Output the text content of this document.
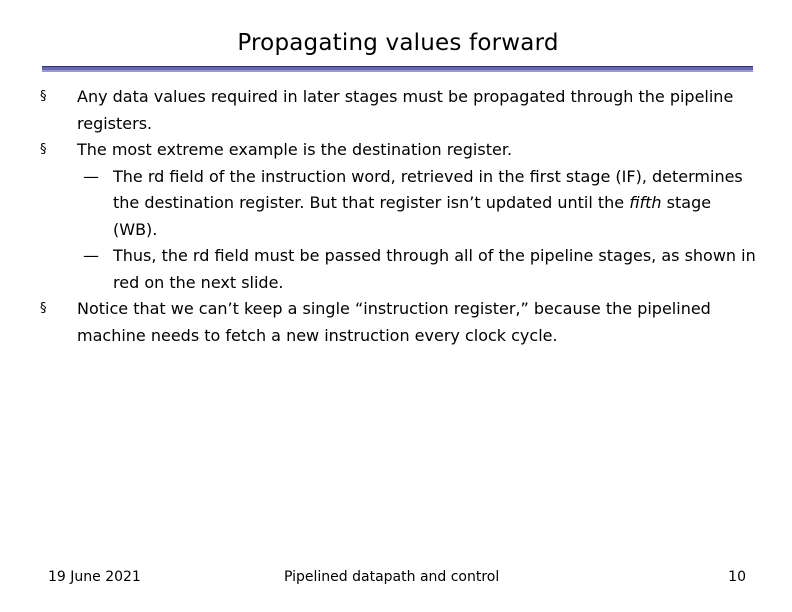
Propagating values forward

§ Any data values required in later stages must be propagated through the pipeline registers.

§ The most extreme example is the destination register.

— The rd field of the instruction word, retrieved in the first stage (IF), determines the destination register. But that register isn’t updated until the fifth stage (WB).

— Thus, the rd field must be passed through all of the pipeline stages, as shown in red on the next slide.

§ Notice that we can’t keep a single “instruction register,” because the pipelined machine needs to fetch a new instruction every clock cycle.

19 June 2021	Pipelined datapath and control	10
